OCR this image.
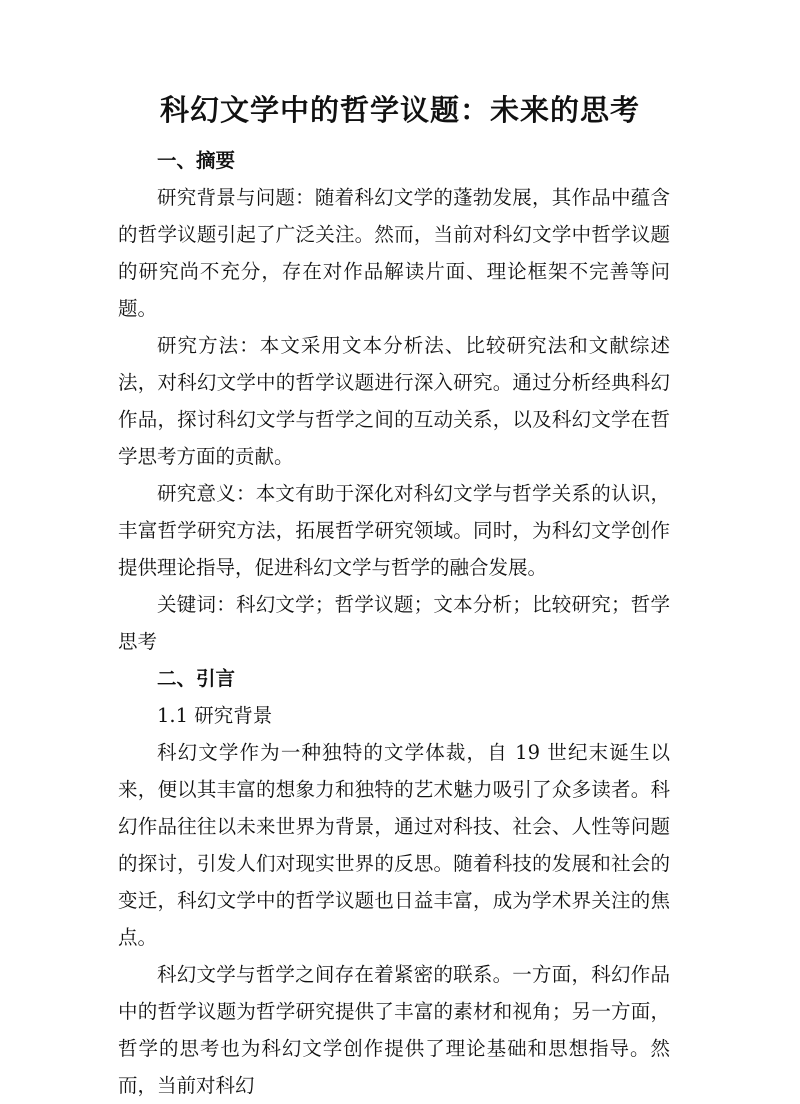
科幻文学中的哲学议题：未来的思考
一、摘要

研究背景与问题：随着科幻文学的蓬勃发展，其作品中蕴含的哲学议题引起了广泛关注。然而，当前对科幻文学中哲学议题的研究尚不充分，存在对作品解读片面、理论框架不完善等问题。

研究方法：本文采用文本分析法、比较研究法和文献综述法，对科幻文学中的哲学议题进行深入研究。通过分析经典科幻作品，探讨科幻文学与哲学之间的互动关系，以及科幻文学在哲学思考方面的贡献。

研究意义：本文有助于深化对科幻文学与哲学关系的认识，丰富哲学研究方法，拓展哲学研究领域。同时，为科幻文学创作提供理论指导，促进科幻文学与哲学的融合发展。

关键词：科幻文学；哲学议题；文本分析；比较研究；哲学思考

二、引言
1.1 研究背景

科幻文学作为一种独特的文学体裁，自 19 世纪末诞生以来，便以其丰富的想象力和独特的艺术魅力吸引了众多读者。科幻作品往往以未来世界为背景，通过对科技、社会、人性等问题的探讨，引发人们对现实世界的反思。随着科技的发展和社会的变迁，科幻文学中的哲学议题也日益丰富，成为学术界关注的焦点。

科幻文学与哲学之间存在着紧密的联系。一方面，科幻作品中的哲学议题为哲学研究提供了丰富的素材和视角；另一方面，哲学的思考也为科幻文学创作提供了理论基础和思想指导。然而，当前对科幻
